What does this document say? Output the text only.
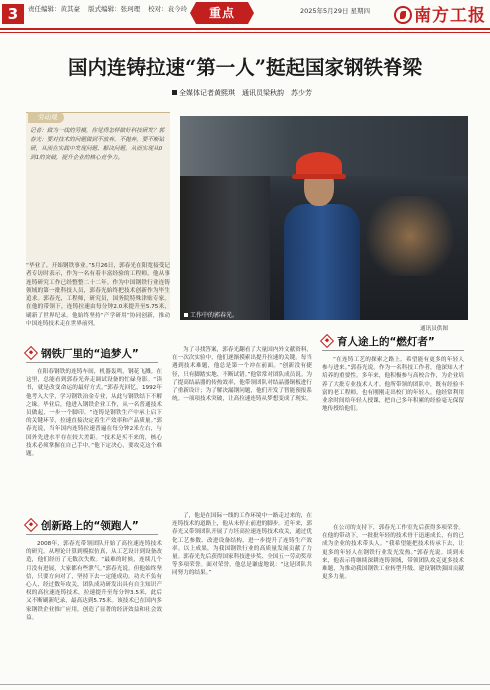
3	责任编辑：黄其豪 版式编辑：张珂理 校对：袁今玲	重点	2025年5月29日 星期四	南方工报
国内连铸拉速“第一人”挺起国家钢铁脊梁
全媒体记者黄熙琪　通讯员梁秋韵　苏少芳
劳动观
记者：做为一线的劳模，你觉得怎样做好科技研发？郭春光：要对技术的问题做到不放弃、不抛弃，要不断钻研，从而在实践中发现问题、解决问题，从而实现从0到1的突破，提升企业的核心竞争力。
“毕业了，开始钢铁事业。”5月26日，郭春光在阳宽接受记者专访时表示，作为一名有着丰富经验的工程师，他从事连铸研究工作已经整整二十二年。作为中国钢铁行业连铸领域的第一批科技人员，郭春光始终把技术创新作为毕生追求。郭春光，工程师，研究员，国务院特殊津贴专家。在他的带领下，连铸拉速由每分钟2.0米提升至5.75米，刷新了世界纪录。他始终坚持“产学研用”协同创新，推动中国连铸技术走在世界前列。
工作中的郭春光。
通讯员供图
钢铁厂里的“追梦人”

在阳春钢铁的连铸车间，机器轰鸣，钢花飞溅。在这里，总能看到郭春光奔走调试设备的忙碌身影。“读书，就是改变命运的最好方式。”郭春光回忆，1992年他考入大学，学习钢铁冶金专业，从此与钢铁结下不解之缘。毕业后，他进入钢铁企业工作，从一名普通技术员做起，一步一个脚印。“连铸是钢铁生产中承上启下的关键环节，拉速直接决定着生产效率和产品质量。”郭春光说，当年国内连铸拉速普遍在每分钟2米左右，与国外先进水平存在较大差距。“技术是买不来的，核心技术必须掌握在自己手中。”他下定决心，要攻克这个难题。

创新路上的“领跑人”

2008年，郭春光带领团队开始了高拉速连铸技术的研究。从理论计算到模拟仿真，从工艺设计到设备改造，他们经历了无数次失败。“最难的时候，连续几个月没有进展，大家都有些泄气。”郭春光说，但他始终坚信，只要方向对了，坚持下去一定能成功。功夫不负有心人，经过数年攻关，团队成功研发出具有自主知识产权的高拉速连铸技术，拉速提升至每分钟3.5米，此后又不断刷新纪录，最高达到5.75米。该技术已在国内多家钢铁企业推广应用，创造了显著的经济效益和社会效益。

为了寻找答案，郭春光翻看了大量国内外文献资料，在一次次实验中，他们逐渐摸索出提升拉速的关键。每当遇到技术难题，他总是第一个冲在前面。“创新没有捷径，只有脚踏实地、不断试错。”他常常对团队成员说。为了提高结晶器的传热效率，他带领团队对结晶器铜板进行了重新设计；为了解决漏钢问题，他们开发了智能预报系统。一项项技术突破，让高拉速连铸从梦想变成了现实。

了，他是在国际一线的工作环境中一路走过来的，在连铸技术的道路上，他从未停止前进的脚步。近年来，郭春光又带领团队开展了方坯高拉速连铸技术攻关，通过优化工艺参数、改进设备结构，进一步提升了连铸生产效率。以上成果，为我国钢铁行业的高质量发展贡献了力量。郭春光先后获得国家科技进步奖、全国五一劳动奖章等多项荣誉。面对荣誉，他总是谦虚地说：“这是团队共同努力的结果。”

育人途上的“燃灯者”

“在连铸工艺的探索之路上，希望能有更多的年轻人参与进来。”郭春光说。作为一名科技工作者，他深知人才培养的重要性。多年来，他积极参与高校合作，为企业培养了大批专业技术人才。他所带领的团队中，既有经验丰富的老工程师，也有刚刚走出校门的年轻人。他经常利用业余时间给年轻人授课，把自己多年积累的经验毫无保留地传授给他们。

在公司的支持下，郭春光工作室先后获得多项荣誉。在他的带动下，一批批年轻的技术骨干迅速成长，有的已成为企业的技术带头人。“我希望能把技术传承下去，让更多的年轻人在钢铁行业发光发热。”郭春光说。谈到未来，他表示将继续深耕连铸领域，带领团队攻克更多技术难题，为推动我国钢铁工业转型升级、建设钢铁强国贡献更多力量。
